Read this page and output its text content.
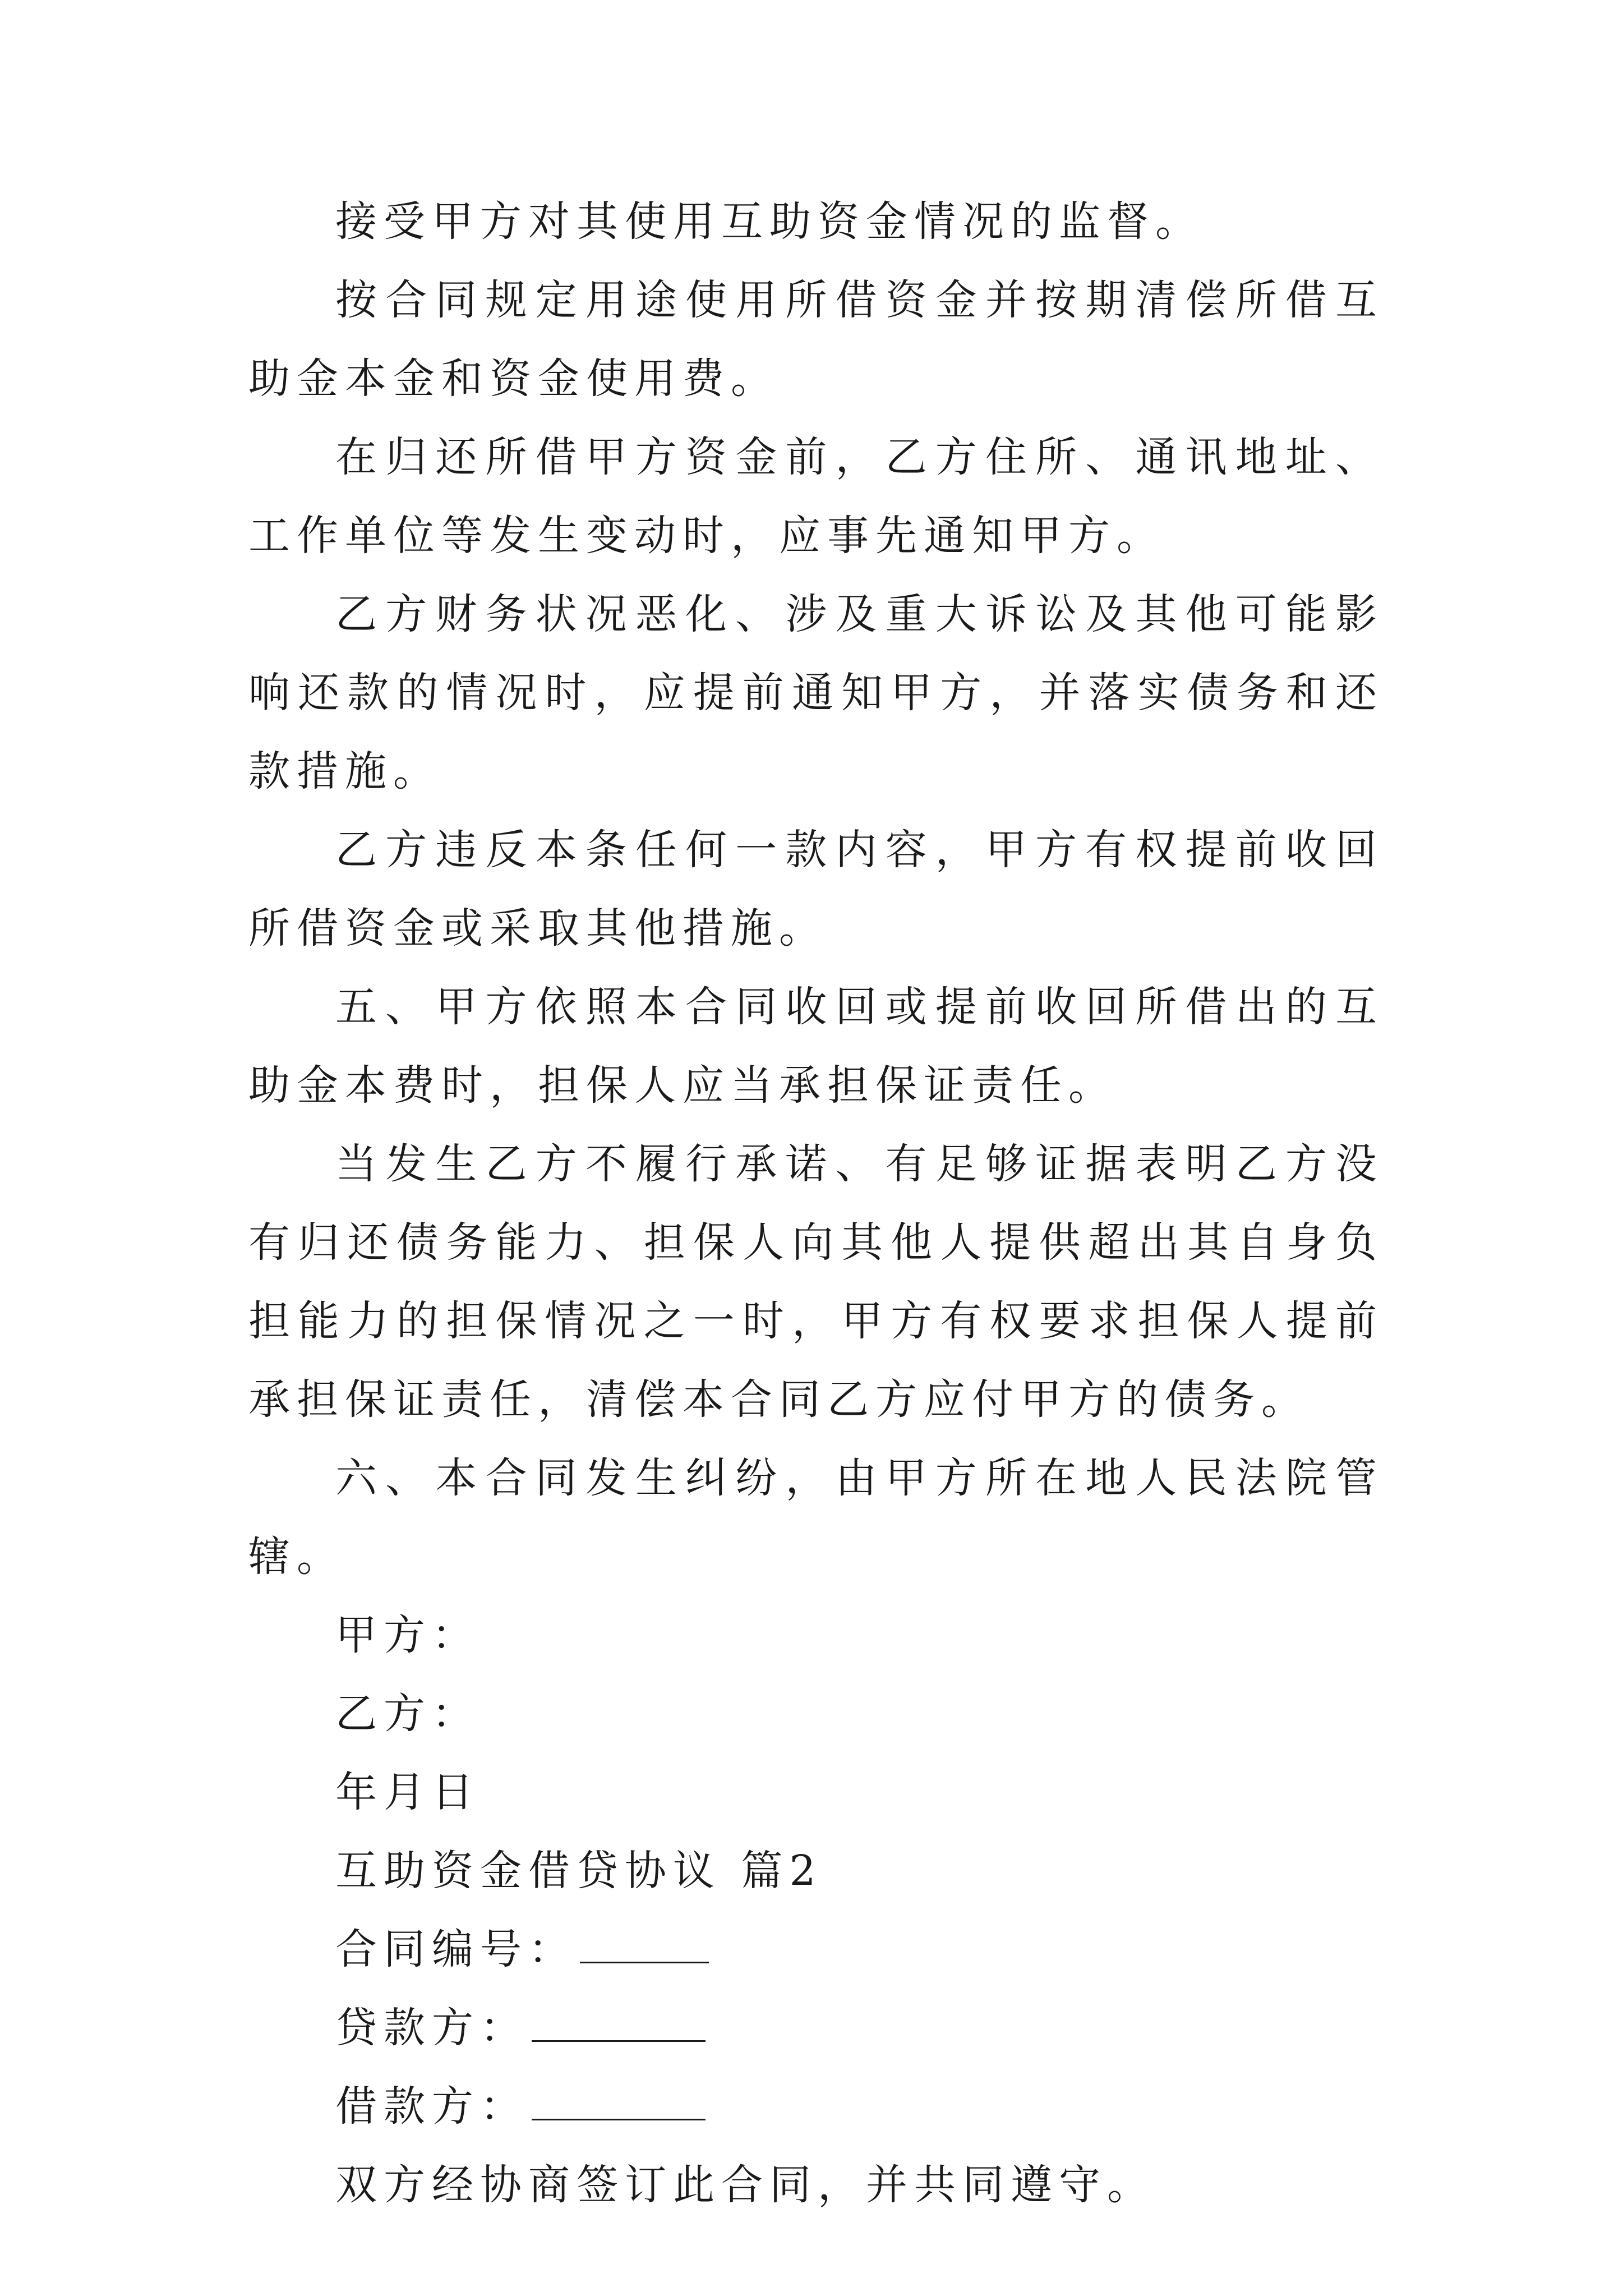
接受甲方对其使用互助资金情况的监督。

按合同规定用途使用所借资金并按期清偿所借互助金本金和资金使用费。

在归还所借甲方资金前，乙方住所、通讯地址、工作单位等发生变动时，应事先通知甲方。

乙方财务状况恶化、涉及重大诉讼及其他可能影响还款的情况时，应提前通知甲方，并落实债务和还款措施。

乙方违反本条任何一款内容，甲方有权提前收回所借资金或采取其他措施。

五、甲方依照本合同收回或提前收回所借出的互助金本费时，担保人应当承担保证责任。

当发生乙方不履行承诺、有足够证据表明乙方没有归还债务能力、担保人向其他人提供超出其自身负担能力的担保情况之一时，甲方有权要求担保人提前承担保证责任，清偿本合同乙方应付甲方的债务。

六、本合同发生纠纷，由甲方所在地人民法院管辖。

甲方：

乙方：

年月日

互助资金借贷协议 篇2

合同编号：

贷款方：

借款方：

双方经协商签订此合同，并共同遵守。
